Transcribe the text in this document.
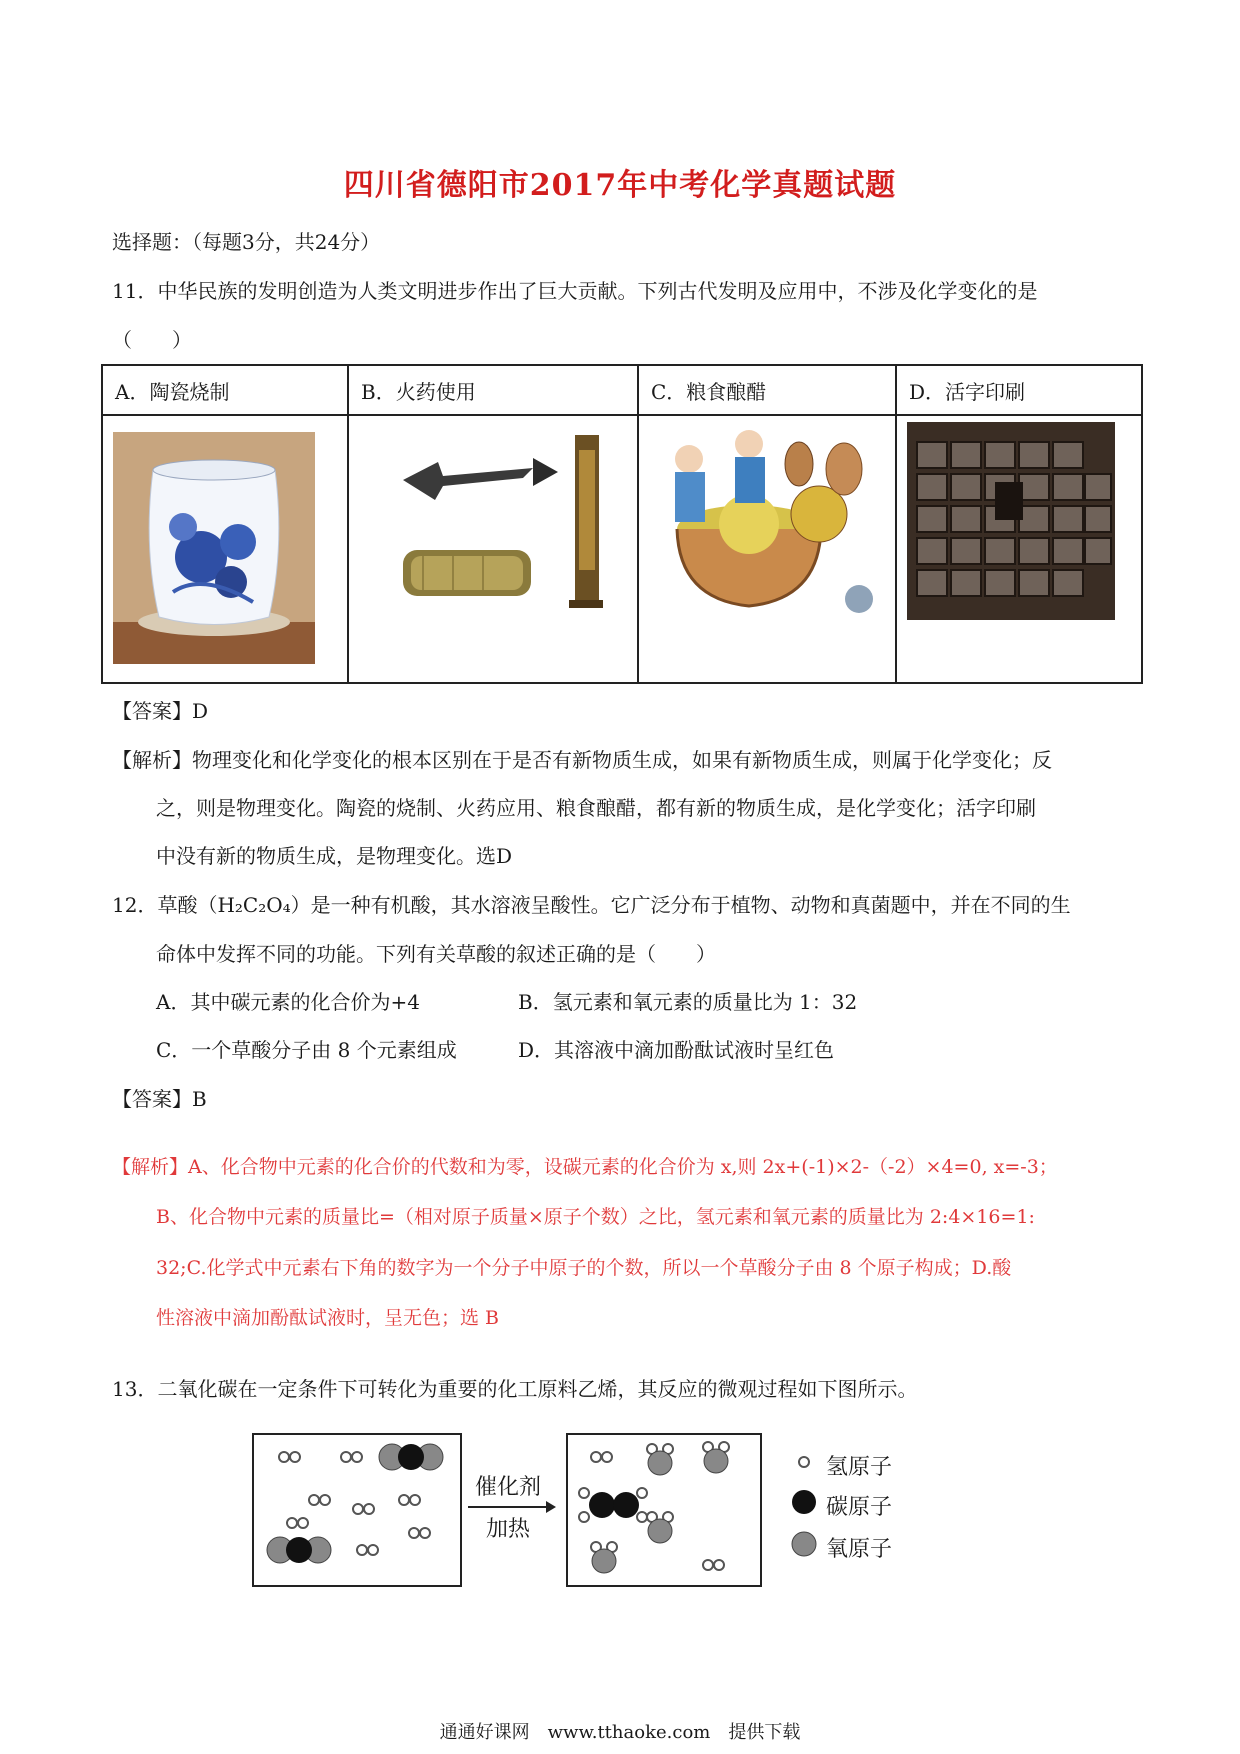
四川省德阳市2017年中考化学真题试题
选择题：（每题3分，共24分）
11．中华民族的发明创造为人类文明进步作出了巨大贡献。下列古代发明及应用中，不涉及化学变化的是
（　　）
A．陶瓷烧制	B．火药使用	C．粮食酿醋	D．活字印刷

【答案】D
【解析】物理变化和化学变化的根本区别在于是否有新物质生成，如果有新物质生成，则属于化学变化；反
之，则是物理变化。陶瓷的烧制、火药应用、粮食酿醋，都有新的物质生成，是化学变化；活字印刷
中没有新的物质生成，是物理变化。选D
12．草酸（H₂C₂O₄）是一种有机酸，其水溶液呈酸性。它广泛分布于植物、动物和真菌题中，并在不同的生
命体中发挥不同的功能。下列有关草酸的叙述正确的是（　　）
A．其中碳元素的化合价为+4	B．氢元素和氧元素的质量比为 1：32
C．一个草酸分子由 8 个元素组成	D．其溶液中滴加酚酞试液时呈红色
【答案】B
【解析】A、化合物中元素的化合价的代数和为零，设碳元素的化合价为 x,则 2x+(-1)×2-（-2）×4=0, x=-3；
B、化合物中元素的质量比=（相对原子质量×原子个数）之比，氢元素和氧元素的质量比为 2:4×16=1:
32;C.化学式中元素右下角的数字为一个分子中原子的个数，所以一个草酸分子由 8 个原子构成；D.酸
性溶液中滴加酚酞试液时，呈无色；选 B
13．二氧化碳在一定条件下可转化为重要的化工原料乙烯，其反应的微观过程如下图所示。
催化剂
加热
氢原子
碳原子
氧原子
通通好课网　www.tthaoke.com　提供下载
